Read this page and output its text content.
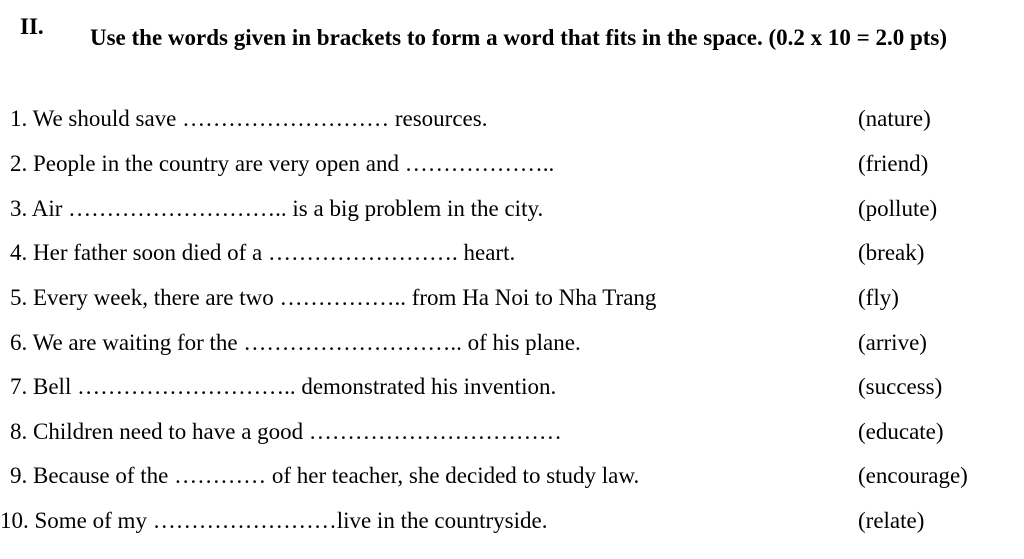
II. Use the words given in brackets to form a word that fits in the space. (0.2 x 10 = 2.0 pts)
1. We should save ……………………… resources.	(nature)
2. People in the country are very open and ………………..	(friend)
3. Air ……………………….. is a big problem in the city.	(pollute)
4. Her father soon died of a ……………………. heart.	(break)
5. Every week, there are two …………….. from Ha Noi to Nha Trang	(fly)
6. We are waiting for the ……………………….. of his plane.	(arrive)
7. Bell ……………………….. demonstrated his invention.	(success)
8. Children need to have a good ……………………………	(educate)
9. Because of the ………… of her teacher, she decided to study law.	(encourage)
10. Some of my ……………………live in the countryside.	(relate)
